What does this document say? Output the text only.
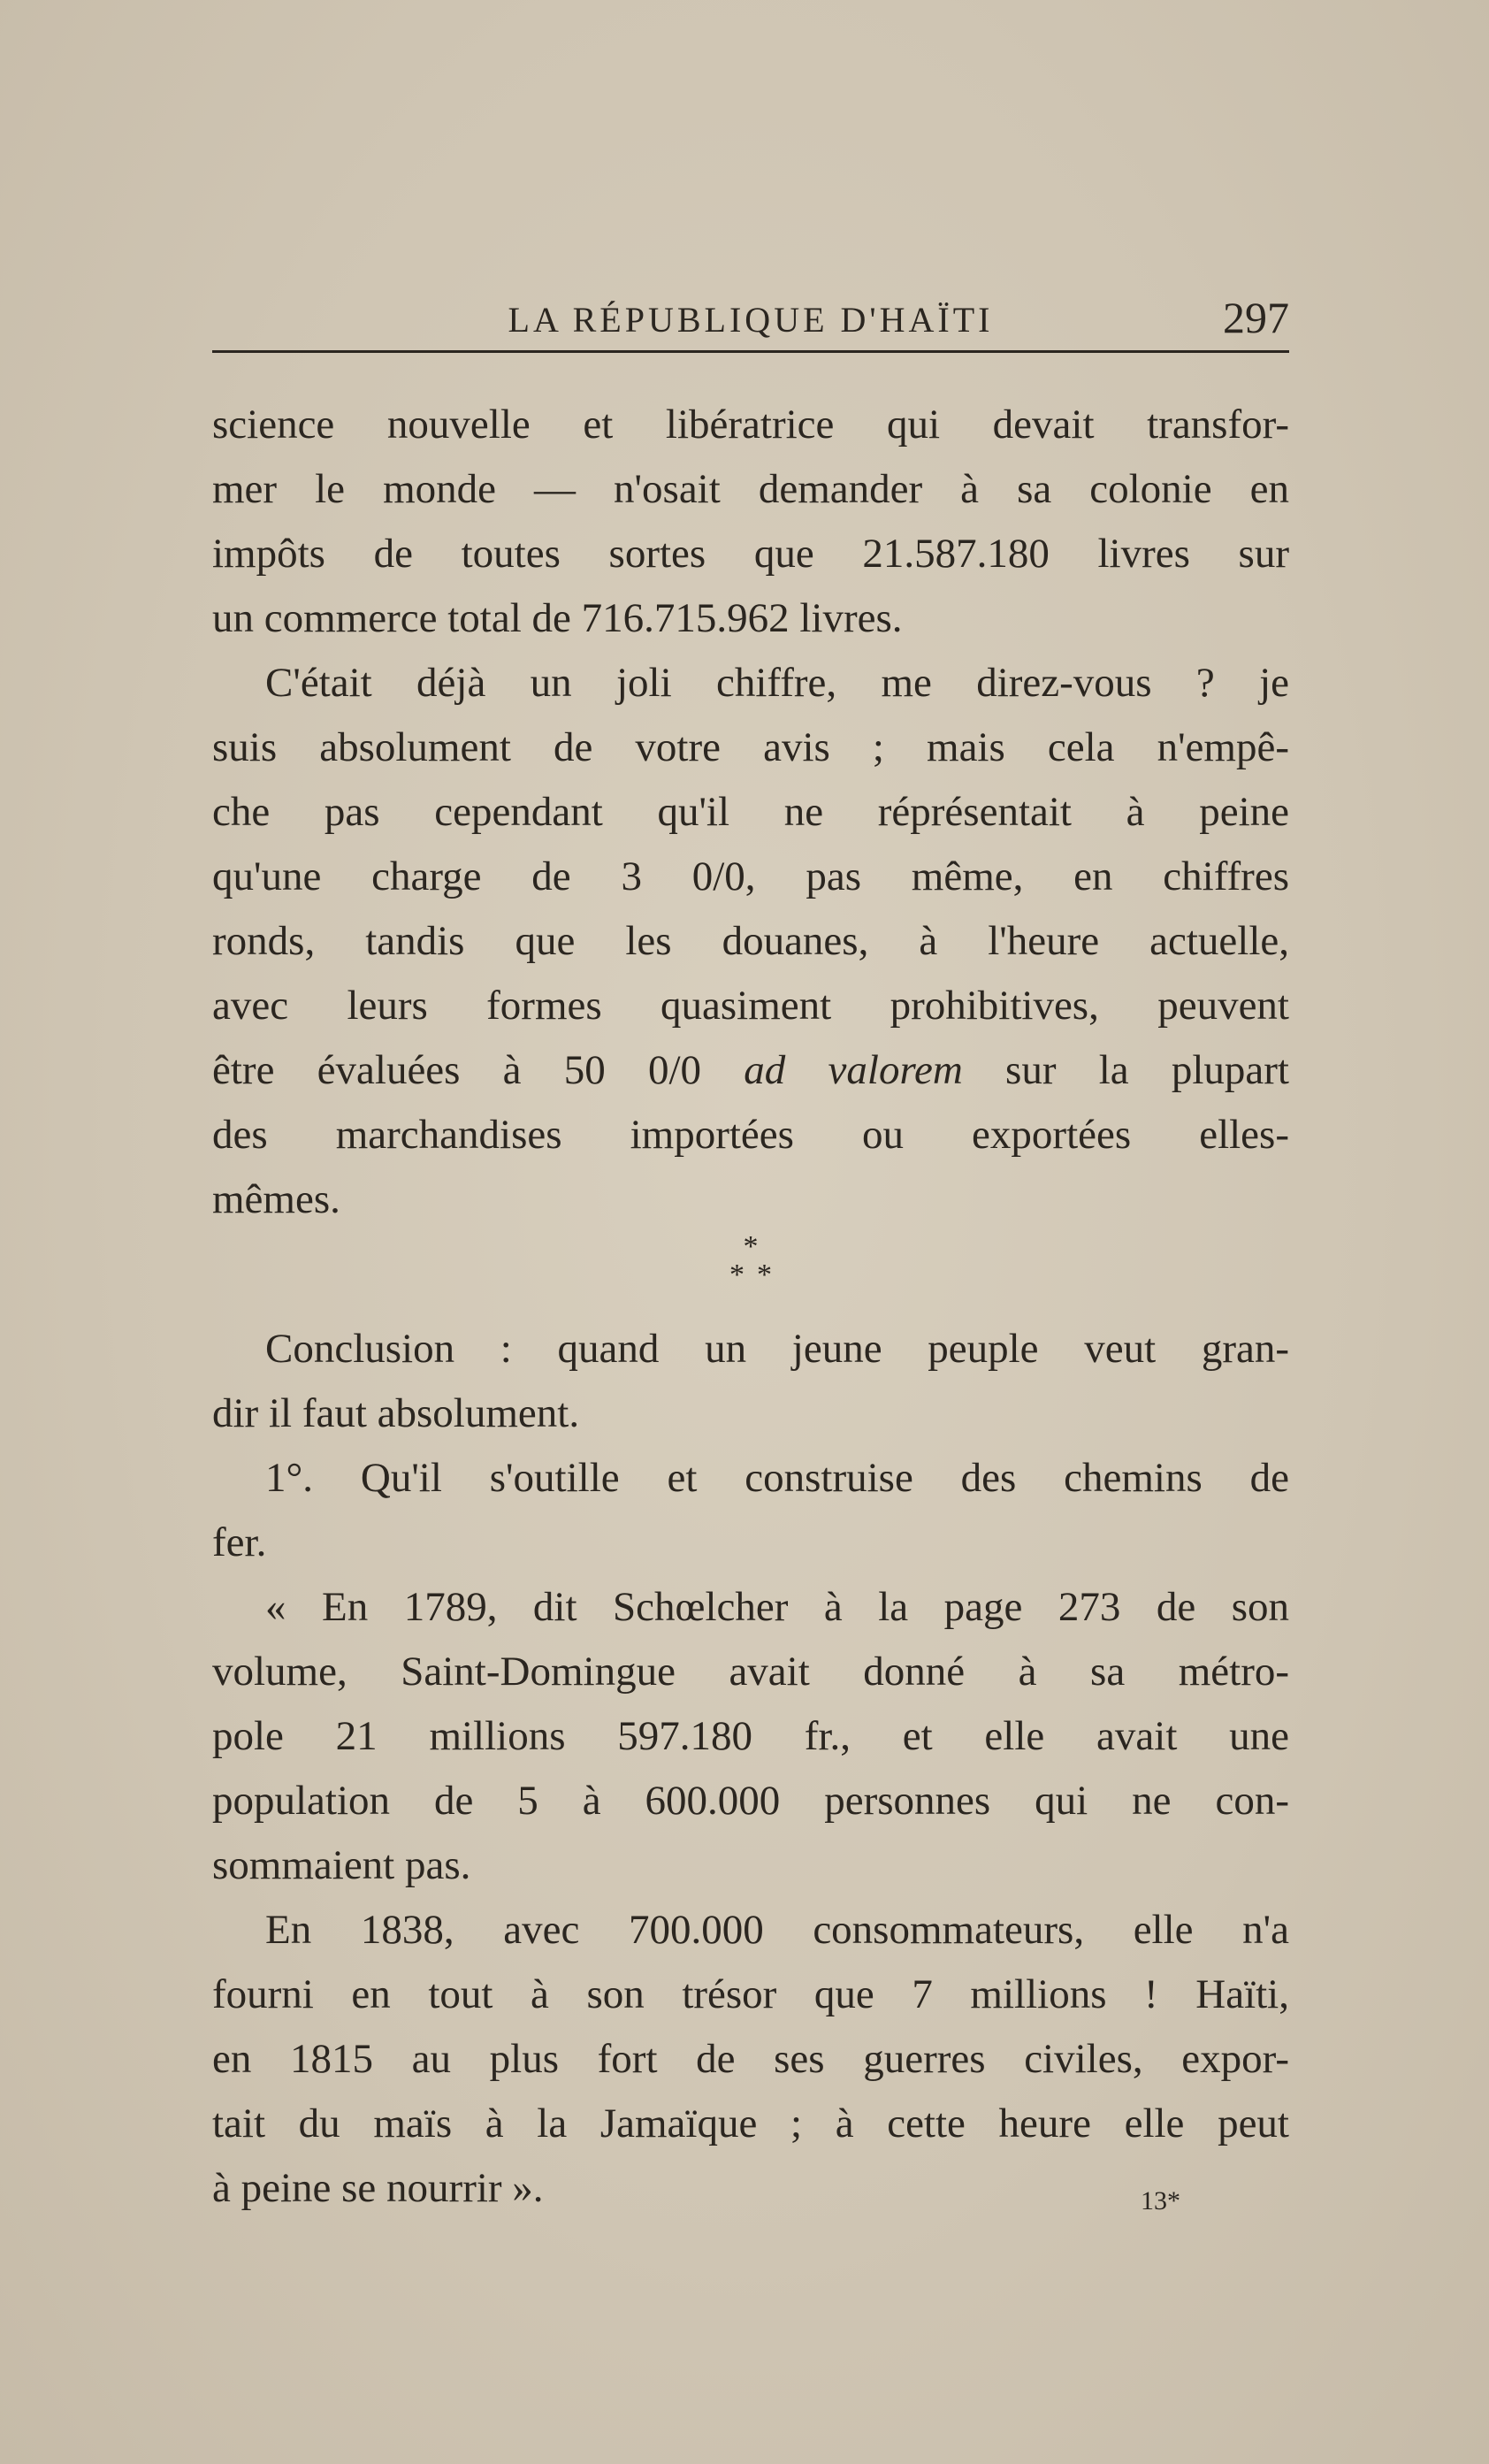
LA RÉPUBLIQUE D'HAÏTI	297
science nouvelle et libératrice qui devait transfor-
mer le monde — n'osait demander à sa colonie en
impôts de toutes sortes que 21.587.180 livres sur
un commerce total de 716.715.962 livres.
C'était déjà un joli chiffre, me direz-vous ? je
suis absolument de votre avis ; mais cela n'empê-
che pas cependant qu'il ne réprésentait à peine
qu'une charge de 3 0/0, pas même, en chiffres
ronds, tandis que les douanes, à l'heure actuelle,
avec leurs formes quasiment prohibitives, peuvent
être évaluées à 50 0/0 ad valorem sur la plupart
des marchandises importées ou exportées elles-
mêmes.
*
**
Conclusion : quand un jeune peuple veut gran-
dir il faut absolument.
1°. Qu'il s'outille et construise des chemins de
fer.
« En 1789, dit Schœlcher à la page 273 de son
volume, Saint-Domingue avait donné à sa métro-
pole 21 millions 597.180 fr., et elle avait une
population de 5 à 600.000 personnes qui ne con-
sommaient pas.
En 1838, avec 700.000 consommateurs, elle n'a
fourni en tout à son trésor que 7 millions ! Haïti,
en 1815 au plus fort de ses guerres civiles, expor-
tait du maïs à la Jamaïque ; à cette heure elle peut
à peine se nourrir ».	13*
